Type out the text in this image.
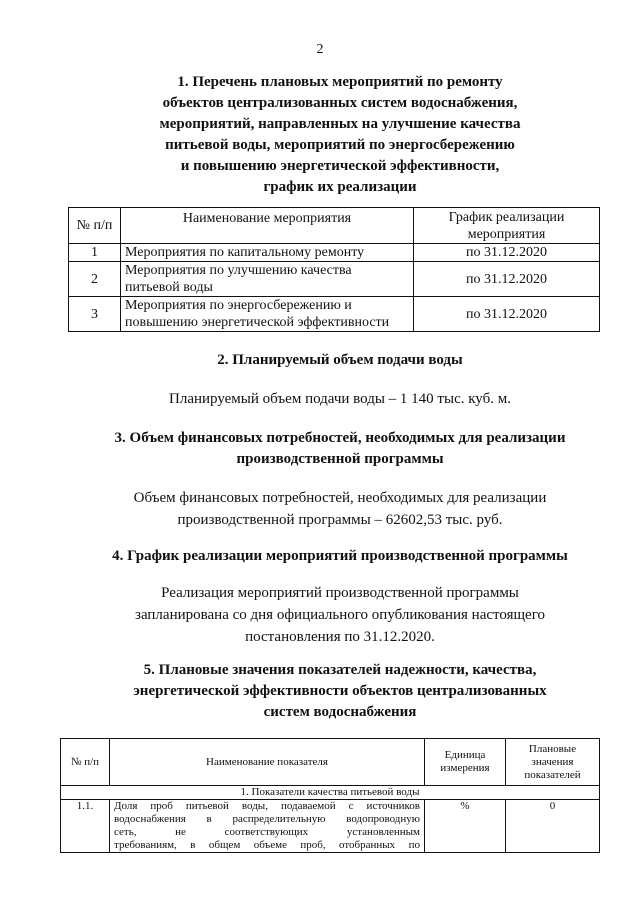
2
1. Перечень плановых мероприятий по ремонту
объектов централизованных систем водоснабжения,
мероприятий, направленных на улучшение качества
питьевой воды, мероприятий по энергосбережению
и повышению энергетической эффективности,
график их реализации
№ п/п	Наименование мероприятия	График реализации мероприятия
1	Мероприятия по капитальному ремонту	по 31.12.2020
2	Мероприятия по улучшению качества питьевой воды	по 31.12.2020
3	Мероприятия по энергосбережению и повышению энергетической эффективности	по 31.12.2020
2. Планируемый объем подачи воды
Планируемый объем подачи воды – 1 140 тыс. куб. м.
3. Объем финансовых потребностей, необходимых для реализации
производственной программы
Объем финансовых потребностей, необходимых для реализации
производственной программы – 62602,53 тыс. руб.
4. График реализации мероприятий производственной программы
Реализация мероприятий производственной программы
запланирована со дня официального опубликования настоящего
постановления по 31.12.2020.
5. Плановые значения показателей надежности, качества,
энергетической эффективности объектов централизованных
систем водоснабжения
№ п/п	Наименование показателя	Единица измерения	Плановые значения показателей
1. Показатели качества питьевой воды			
1.1.	Доля проб питьевой воды, подаваемой с источников
водоснабжения в распределительную водопроводную
сеть, не соответствующих установленным
требованиям, в общем объеме проб, отобранных по	%	0
